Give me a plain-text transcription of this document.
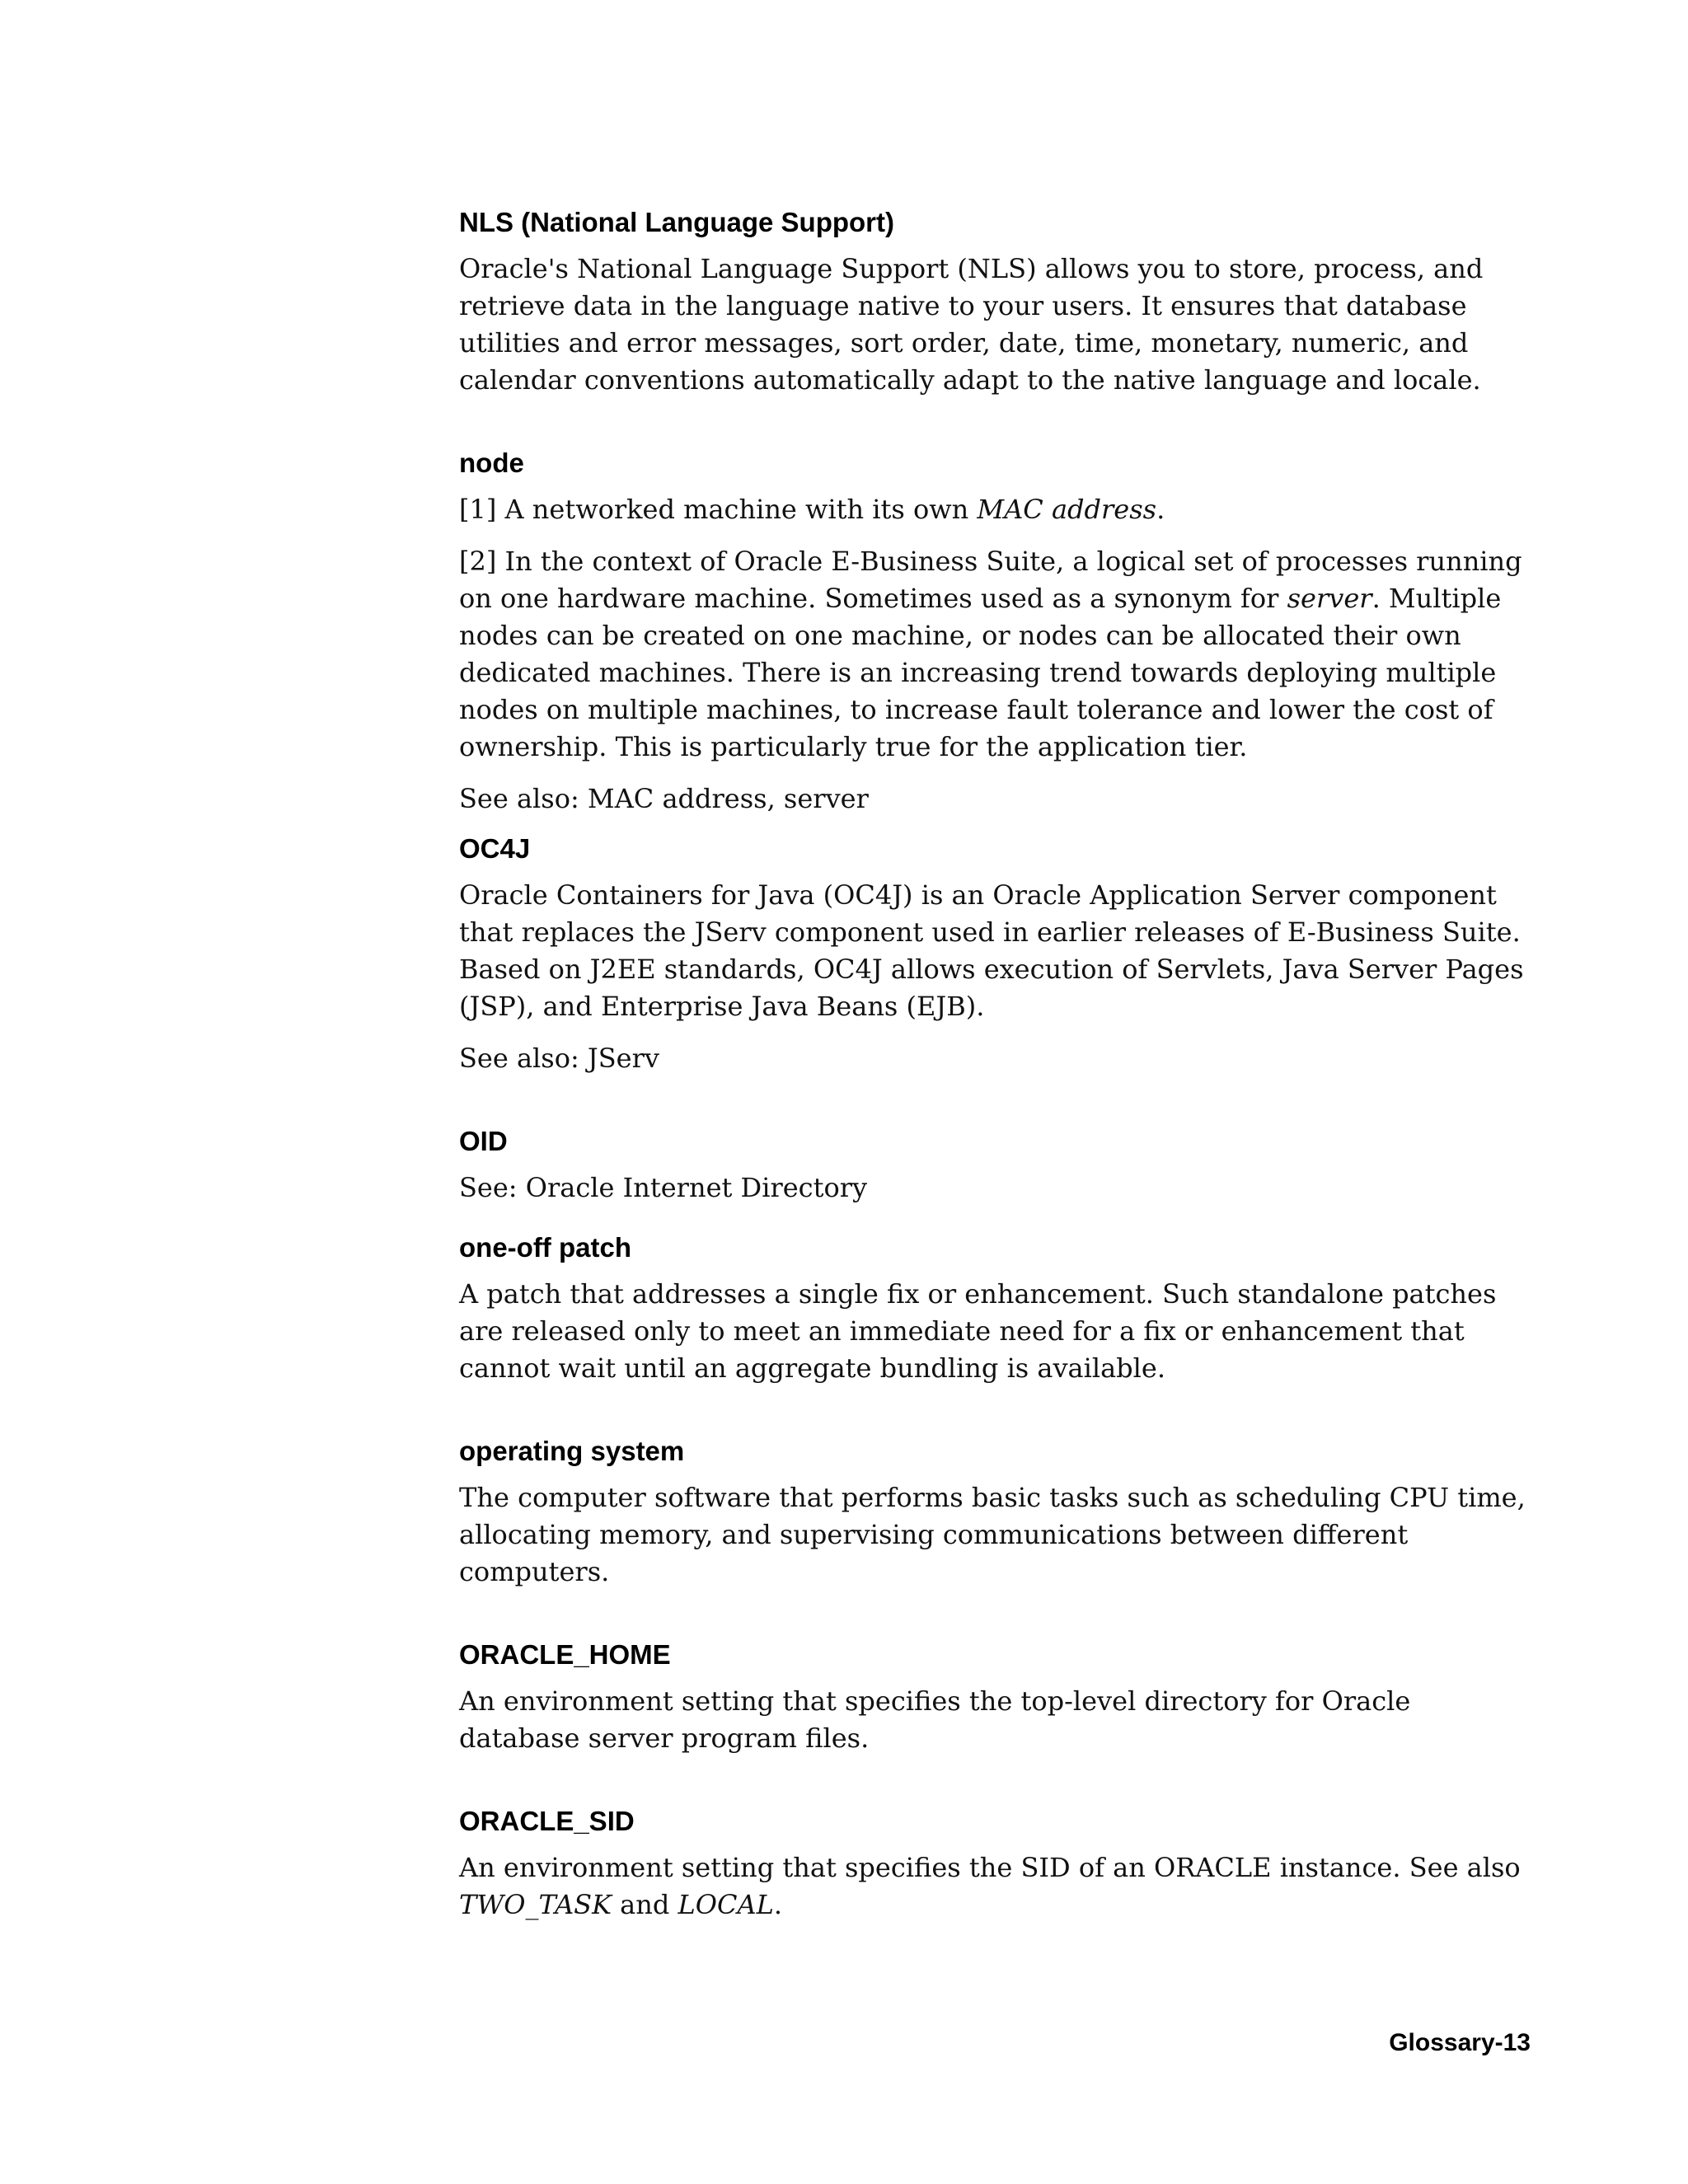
NLS (National Language Support)

Oracle's National Language Support (NLS) allows you to store, process, and retrieve data in the language native to your users. It ensures that database utilities and error messages, sort order, date, time, monetary, numeric, and calendar conventions automatically adapt to the native language and locale.

node

[1] A networked machine with its own MAC address.

[2] In the context of Oracle E-Business Suite, a logical set of processes running on one hardware machine. Sometimes used as a synonym for server. Multiple nodes can be created on one machine, or nodes can be allocated their own dedicated machines. There is an increasing trend towards deploying multiple nodes on multiple machines, to increase fault tolerance and lower the cost of ownership. This is particularly true for the application tier.

See also: MAC address, server

OC4J

Oracle Containers for Java (OC4J) is an Oracle Application Server component that replaces the JServ component used in earlier releases of E-Business Suite. Based on J2EE standards, OC4J allows execution of Servlets, Java Server Pages (JSP), and Enterprise Java Beans (EJB).

See also: JServ

OID

See: Oracle Internet Directory

one-off patch

A patch that addresses a single fix or enhancement. Such standalone patches are released only to meet an immediate need for a fix or enhancement that cannot wait until an aggregate bundling is available.

operating system

The computer software that performs basic tasks such as scheduling CPU time, allocating memory, and supervising communications between different computers.

ORACLE_HOME

An environment setting that specifies the top-level directory for Oracle database server program files.

ORACLE_SID

An environment setting that specifies the SID of an ORACLE instance. See also TWO_TASK and LOCAL.

Glossary-13
